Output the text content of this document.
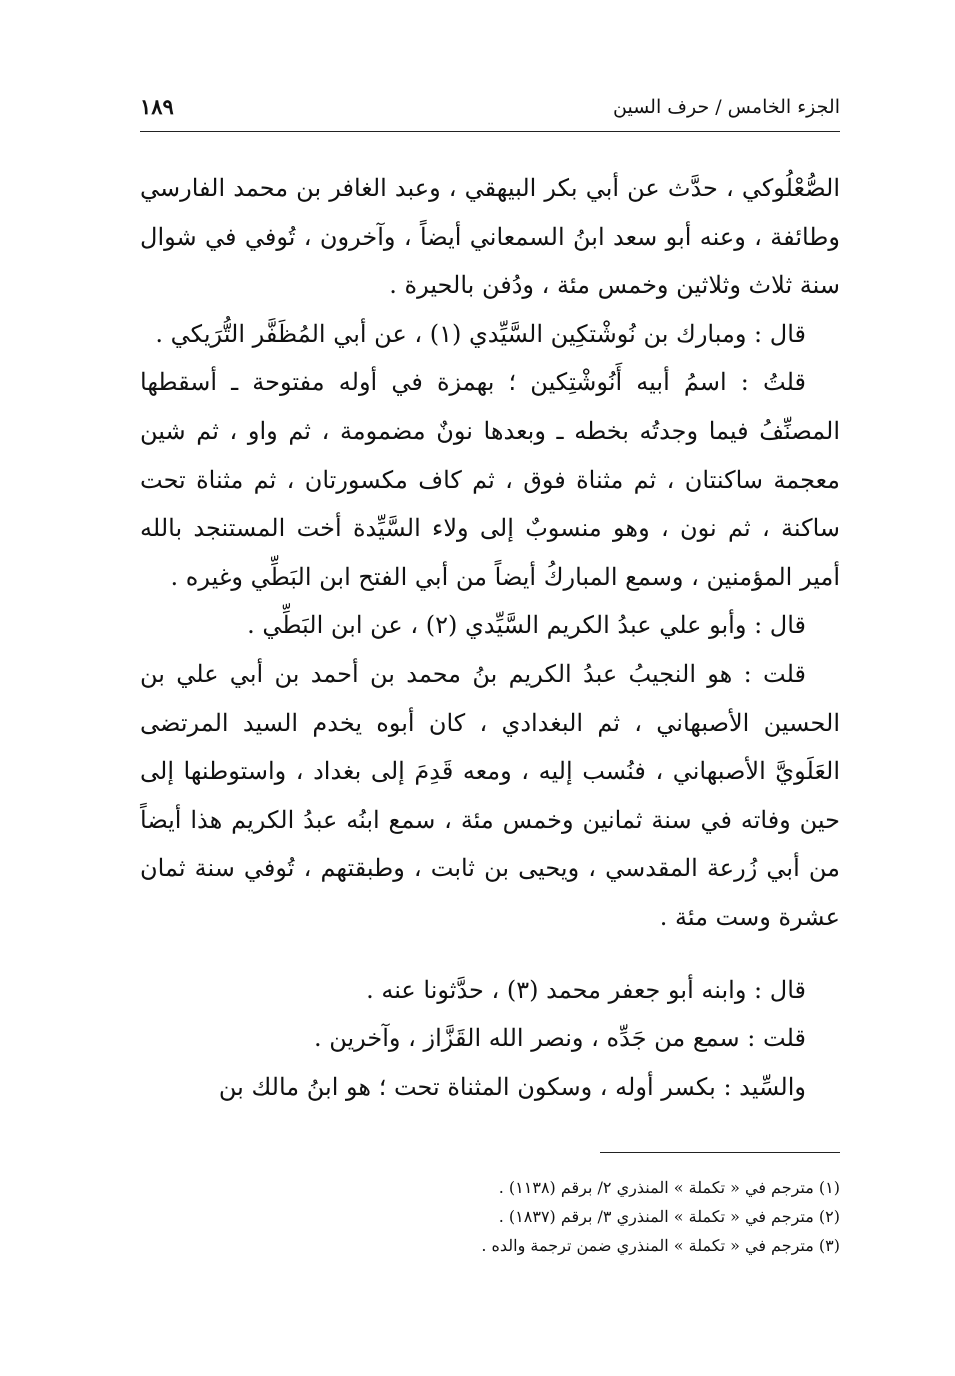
الجزء الخامس / حرف السين
١٨٩

الصُّعْلُوكي ، حدَّث عن أبي بكر البيهقي ، وعبد الغافر بن محمد الفارسي وطائفة ، وعنه أبو سعد ابنُ السمعاني أيضاً ، وآخرون ، تُوفي في شوال سنة ثلاث وثلاثين وخمس مئة ، ودُفن بالحيرة .

قال : ومبارك بن نُوشْتكِين السَّيِّدي (١) ، عن أبي المُظَفَّر التُّرَيكي .

قلتُ : اسمُ أبيه أَنُوشْتِكين ؛ بهمزة في أوله مفتوحة ـ أسقطها المصنِّفُ فيما وجدتُه بخطه ـ وبعدها نونٌ مضمومة ، ثم واو ، ثم شين معجمة ساكنتان ، ثم مثناة فوق ، ثم كاف مكسورتان ، ثم مثناة تحت ساكنة ، ثم نون ، وهو منسوبٌ إلى ولاء السَّيِّدة أخت المستنجد بالله أمير المؤمنين ، وسمع المباركُ أيضاً من أبي الفتح ابن البَطِّي وغيره .

قال : وأبو علي عبدُ الكريم السَّيِّدي (٢) ، عن ابن البَطِّي .

قلت : هو النجيبُ عبدُ الكريم بنُ محمد بن أحمد بن أبي علي بن الحسين الأصبهاني ، ثم البغدادي ، كان أبوه يخدم السيد المرتضى العَلَويَّ الأصبهاني ، فنُسب إليه ، ومعه قَدِمَ إلى بغداد ، واستوطنها إلى حين وفاته في سنة ثمانين وخمس مئة ، سمع ابنُه عبدُ الكريم هذا أيضاً من أبي زُرعة المقدسي ، ويحيى بن ثابت ، وطبقتهم ، تُوفي سنة ثمان عشرة وست مئة .

قال : وابنه أبو جعفر محمد (٣) ، حدَّثونا عنه .

قلت : سمع من جَدِّه ، ونصر الله القَزَّاز ، وآخرين .

والسِّيد : بكسر أوله ، وسكون المثناة تحت ؛ هو ابنُ مالك بن

(١) مترجم في « تكملة » المنذري ٢/ برقم (١١٣٨) .

(٢) مترجم في « تكملة » المنذري ٣/ برقم (١٨٣٧) .

(٣) مترجم في « تكملة » المنذري ضمن ترجمة والده .
